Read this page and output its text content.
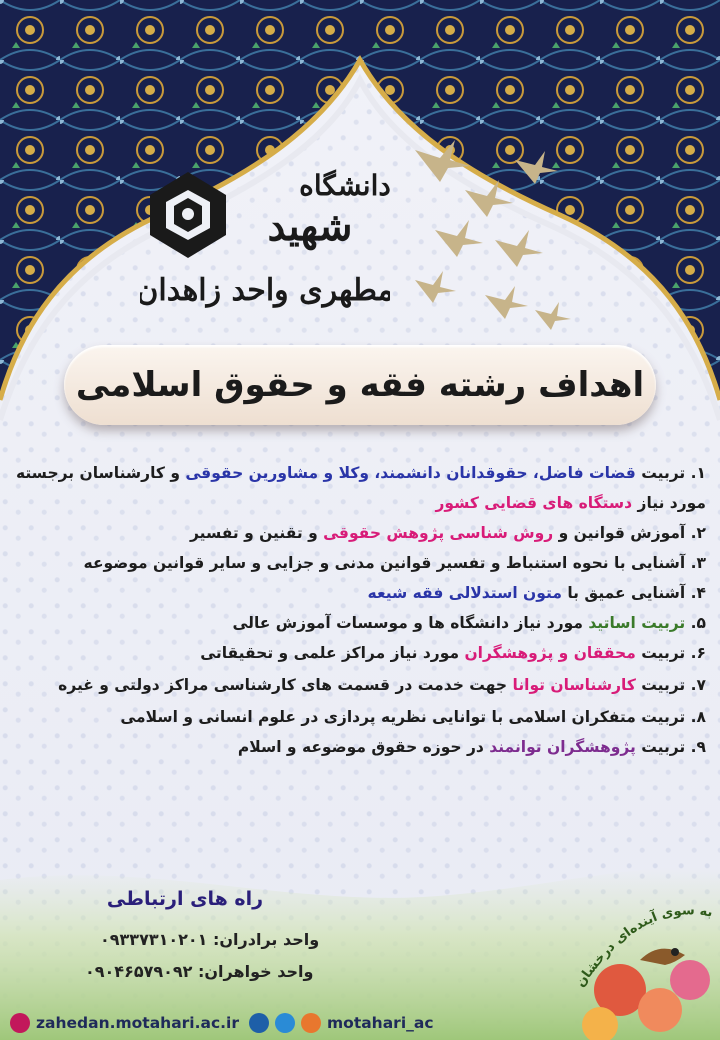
دانشگاه
شهید
مطهری واحد زاهدان
اهداف رشته فقه و حقوق اسلامی
۱. تربیت قضات فاضل، حقوقدانان دانشمند، وکلا و مشاورین حقوقی و کارشناسان برجسته مورد نیاز دستگاه های قضایی کشور
۲. آموزش قوانین و روش شناسی پژوهش حقوقی و تقنین و تفسیر
۳. آشنایی با نحوه استنباط و تفسیر قوانین مدنی و جزایی و سایر قوانین موضوعه
۴. آشنایی عمیق با متون استدلالی فقه شیعه
۵. تربیت اساتید مورد نیاز دانشگاه ها و موسسات آموزش عالی
۶. تربیت محققان و پژوهشگران مورد نیاز مراکز علمی و تحقیقاتی
۷. تربیت کارشناسان توانا جهت خدمت در قسمت های کارشناسی مراکز دولتی و غیره
۸. تربیت متفکران اسلامی با توانایی نظریه پردازی در علوم انسانی و اسلامی
۹. تربیت پژوهشگران توانمند در حوزه حقوق موضوعه و اسلام
به سوی آینده‌ای درخشان
راه های ارتباطی
واحد برادران: ۰۹۳۳۷۳۱۰۲۰۱
واحد خواهران: ۰۹۰۴۶۵۷۹۰۹۲
zahedan.motahari.ac.ir	motahari_ac
